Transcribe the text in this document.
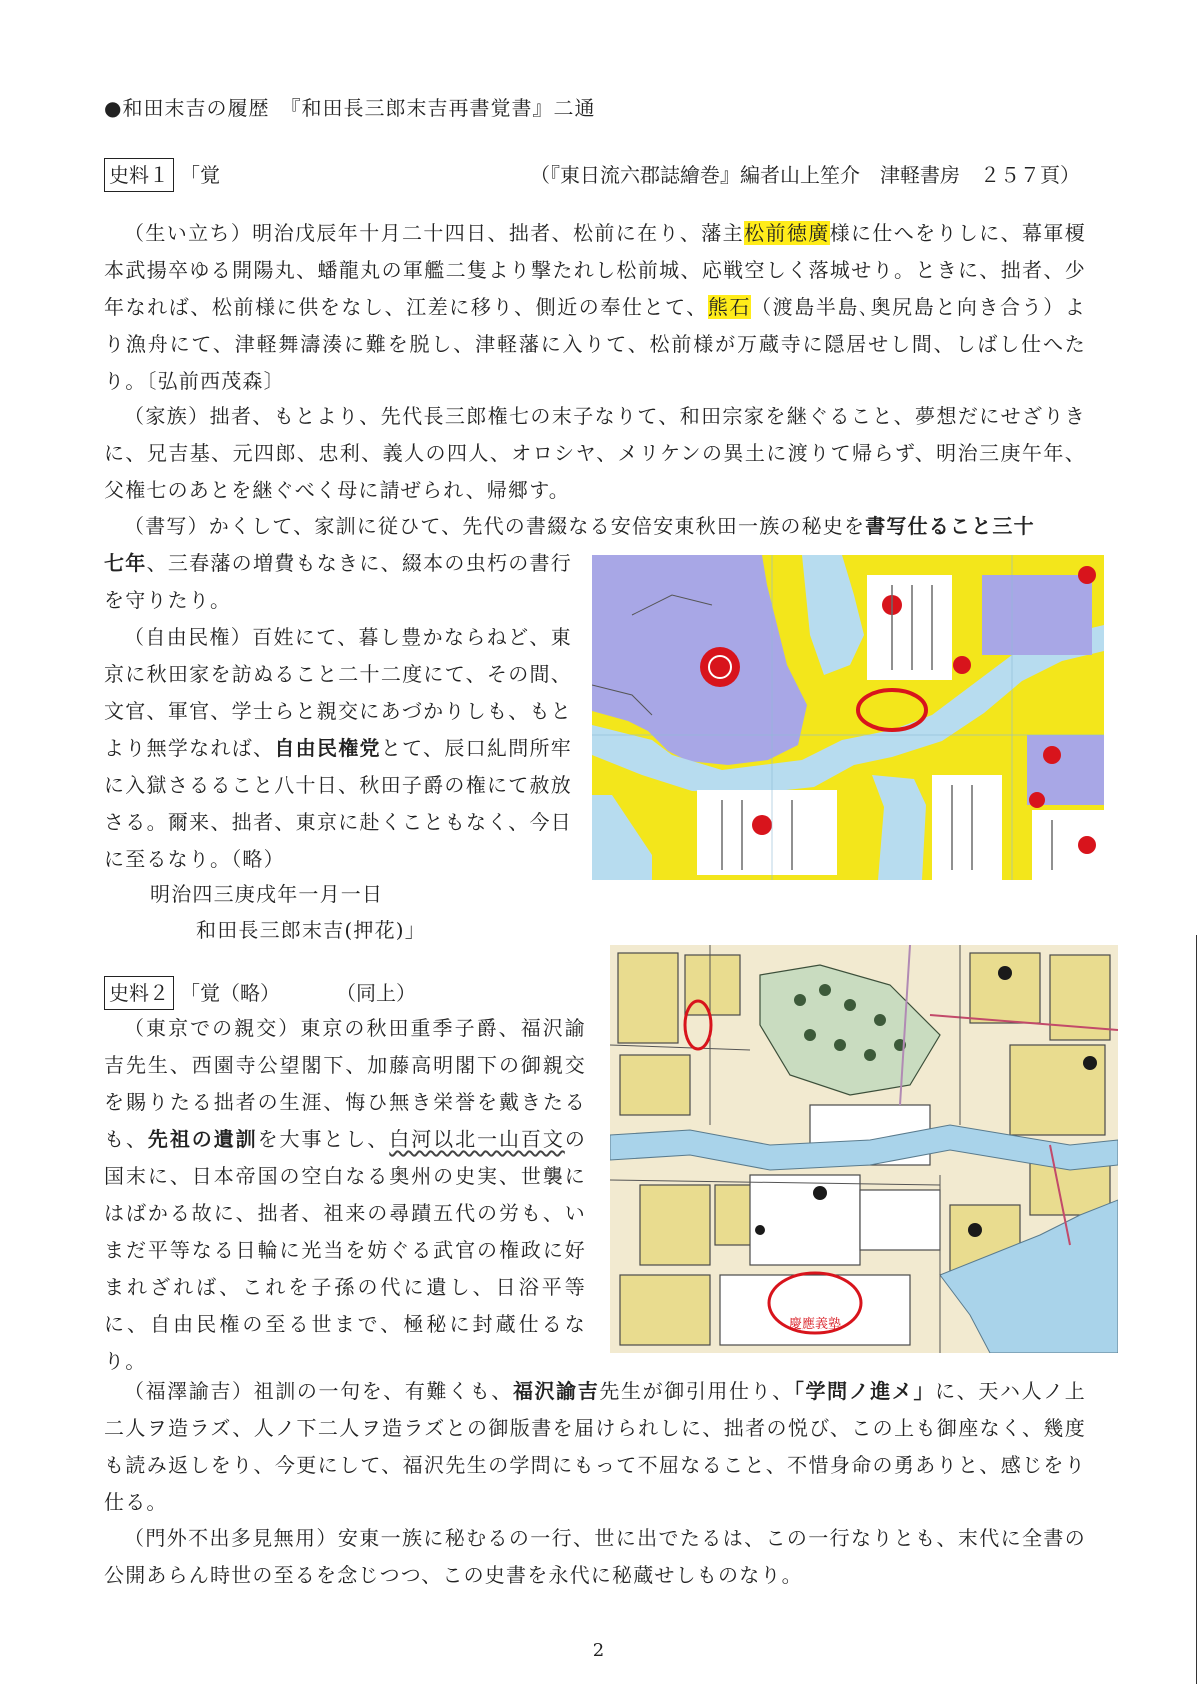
●和田末吉の履歴　『和田長三郎末吉再書覚書』二通
史料１ 「覚	（『東日流六郡誌繪巻』編者山上笙介　津軽書房　２５７頁）

（生い立ち）明治戊辰年十月二十四日、拙者、松前に在り、藩主松前徳廣様に仕へをりしに、幕軍榎本武揚卒ゆる開陽丸、蟠龍丸の軍艦二隻より撃たれし松前城、応戦空しく落城せり。ときに、拙者、少年なれば、松前様に供をなし、江差に移り、側近の奉仕とて、熊石（渡島半島､奥尻島と向き合う）より漁舟にて、津軽舞濤湊に難を脱し、津軽藩に入りて、松前様が万蔵寺に隠居せし間、しばし仕へたり。〔弘前西茂森〕

（家族）拙者、もとより、先代長三郎権七の末子なりて、和田宗家を継ぐること、夢想だにせざりきに、兄吉基、元四郎、忠利、義人の四人、オロシヤ、メリケンの異土に渡りて帰らず、明治三庚午年、父権七のあとを継ぐべく母に請ぜられ、帰郷す。

（書写）かくして、家訓に従ひて、先代の書綴なる安倍安東秋田一族の秘史を書写仕ること三十

七年、三春藩の増費もなきに、綴本の虫朽の書行を守りたり。

（自由民権）百姓にて、暮し豊かならねど、東京に秋田家を訪ぬること二十二度にて、その間、文官、軍官、学士らと親交にあづかりしも、もとより無学なれば、自由民権党とて、辰口糺問所牢に入獄さるること八十日、秋田子爵の権にて赦放さる。爾来、拙者、東京に赴くこともなく、今日に至るなり。（略）

明治四三庚戌年一月一日
和田長三郎末吉(押花)」
史料２ 「覚（略）	（同上）

（東京での親交）東京の秋田重季子爵、福沢諭吉先生、西園寺公望閣下、加藤高明閣下の御親交を賜りたる拙者の生涯、悔ひ無き栄誉を戴きたるも、先祖の遺訓を大事とし、白河以北一山百文の国末に、日本帝国の空白なる奥州の史実、世襲にはばかる故に、拙者、祖来の尋蹟五代の労も、いまだ平等なる日輪に光当を妨ぐる武官の権政に好まれざれば、これを子孫の代に遺し、日浴平等に、自由民権の至る世まで、極秘に封蔵仕るなり。

慶應義塾

（福澤諭吉）祖訓の一句を、有難くも、福沢諭吉先生が御引用仕り、「学問ノ進メ」に、天ハ人ノ上二人ヲ造ラズ、人ノ下二人ヲ造ラズとの御版書を届けられしに、拙者の悦び、この上も御座なく、幾度も読み返しをり、今更にして、福沢先生の学問にもって不屈なること、不惜身命の勇ありと、感じをり仕る。

（門外不出多見無用）安東一族に秘むるの一行、世に出でたるは、この一行なりとも、末代に全書の公開あらん時世の至るを念じつつ、この史書を永代に秘蔵せしものなり。

2
